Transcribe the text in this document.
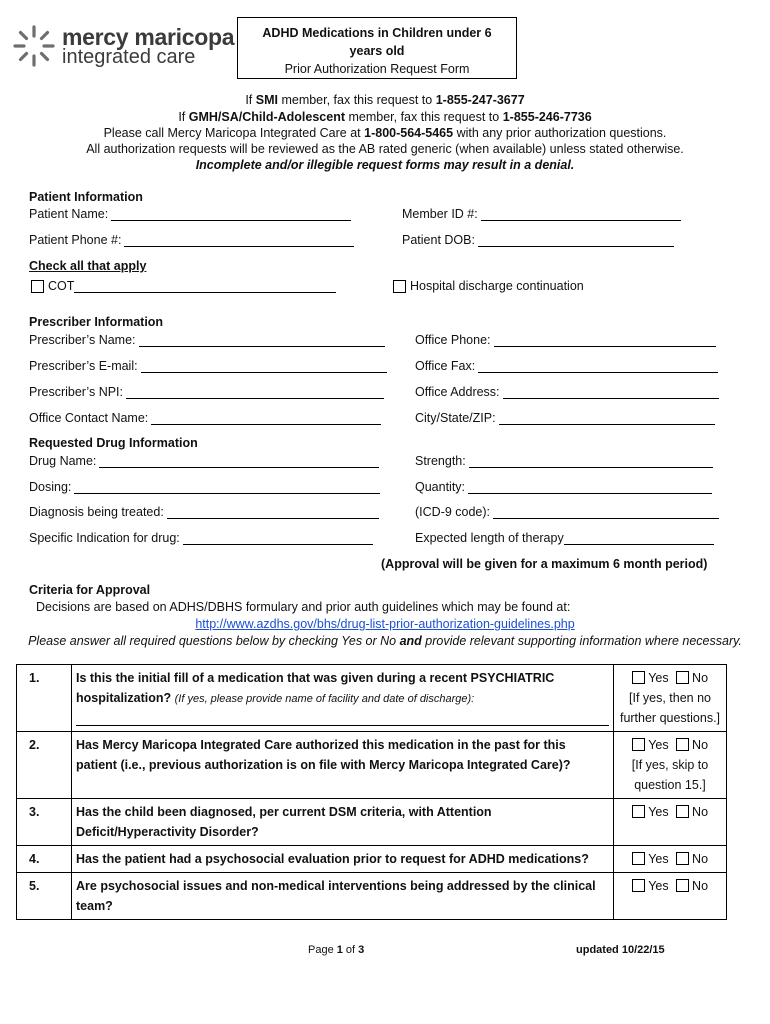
mercy maricopa
integrated care
ADHD Medications in Children under 6
years old
Prior Authorization Request Form
If SMI member, fax this request to 1-855-247-3677
If GMH/SA/Child-Adolescent member, fax this request to 1-855-246-7736
Please call Mercy Maricopa Integrated Care at 1-800-564-5465 with any prior authorization questions.
All authorization requests will be reviewed as the AB rated generic (when available) unless stated otherwise.
Incomplete and/or illegible request forms may result in a denial.
Patient Information
Patient Name:	Member ID #:
Patient Phone #:	Patient DOB:
Check all that apply
COT	Hospital discharge continuation
Prescriber Information
Prescriber’s Name:	Office Phone:
Prescriber’s E-mail:	Office Fax:
Prescriber’s NPI:	Office Address:
Office Contact Name:	City/State/ZIP:
Requested Drug Information
Drug Name:	Strength:
Dosing:	Quantity:
Diagnosis being treated:	(ICD-9 code):
Specific Indication for drug:	Expected length of therapy
(Approval will be given for a maximum 6 month period)
Criteria for Approval
Decisions are based on ADHS/DBHS formulary and prior auth guidelines which may be found at:
http://www.azdhs.gov/bhs/drug-list-prior-authorization-guidelines.php
Please answer all required questions below by checking Yes or No and provide relevant supporting information where necessary.
1.	Is this the initial fill of a medication that was given during a recent PSYCHIATRIC hospitalization? (If yes, please provide name of facility and date of discharge):	Yes No
[If yes, then no further questions.]

2.	Has Mercy Maricopa Integrated Care authorized this medication in the past for this patient (i.e., previous authorization is on file with Mercy Maricopa Integrated Care)?	Yes No
[If yes, skip to question 15.]

3.	Has the child been diagnosed, per current DSM criteria, with Attention Deficit/Hyperactivity Disorder?	Yes No
4.	Has the patient had a psychosocial evaluation prior to request for ADHD medications?	Yes No
5.	Are psychosocial issues and non-medical interventions being addressed by the clinical team?	Yes No
Page 1 of 3	updated 10/22/15
